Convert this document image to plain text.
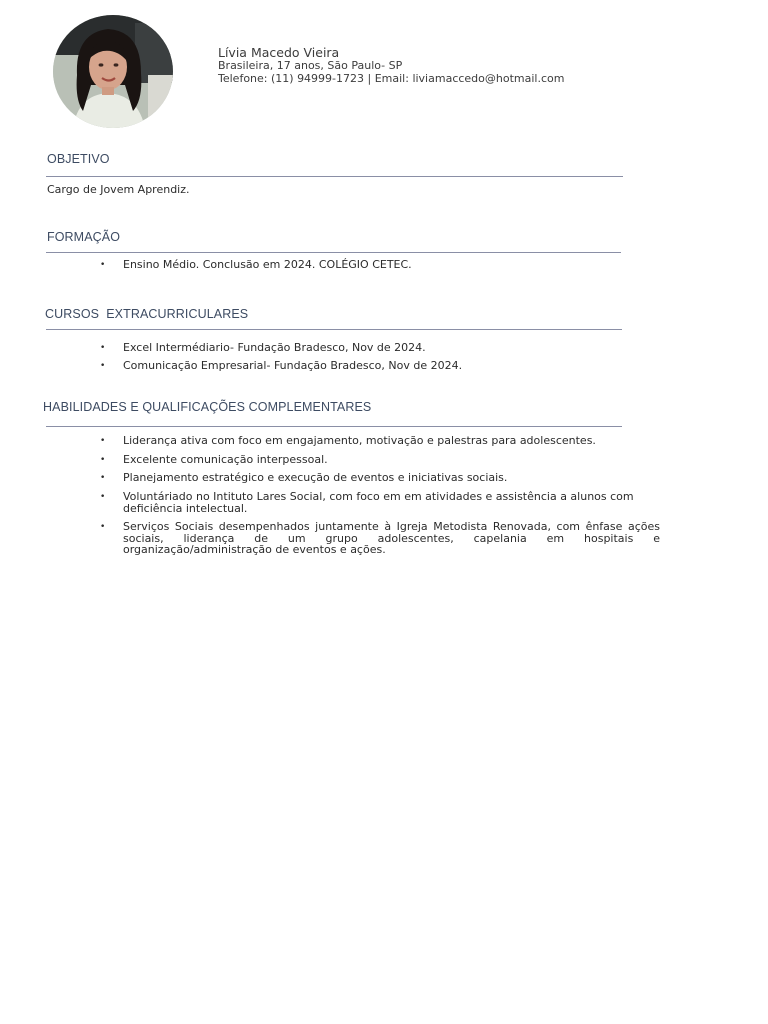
Lívia Macedo Vieira
Brasileira, 17 anos, São Paulo- SP
Telefone: (11) 94999-1723 | Email: liviamaccedo@hotmail.com
OBJETIVO
Cargo de Jovem Aprendiz.
FORMAÇÃO
• Ensino Médio. Conclusão em 2024. COLÉGIO CETEC.
CURSOS  EXTRACURRICULARES
• Excel Intermédiario- Fundação Bradesco, Nov de 2024.
• Comunicação Empresarial- Fundação Bradesco, Nov de 2024.
HABILIDADES E QUALIFICAÇÕES COMPLEMENTARES
• Liderança ativa com foco em engajamento, motivação e palestras para adolescentes.
• Excelente comunicação interpessoal.
• Planejamento estratégico e execução de eventos e iniciativas sociais.
• Voluntáriado no Intituto Lares Social, com foco em em atividades e assistência a alunos com deficiência intelectual.
• Serviços Sociais desempenhados juntamente à Igreja Metodista Renovada, com ênfase ações sociais, liderança de um grupo adolescentes, capelania em hospitais e organização/administração de eventos e ações.
